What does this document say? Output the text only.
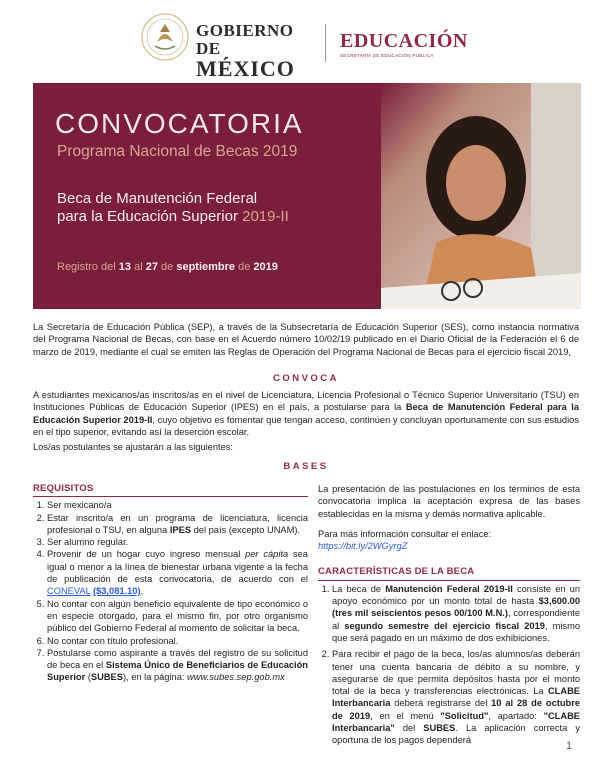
GOBIERNO DE
MÉXICO
EDUCACIÓN
SECRETARÍA DE EDUCACIÓN PÚBLICA
CONVOCATORIA
Programa Nacional de Becas 2019
Beca de Manutención Federal
para la Educación Superior 2019-II
Registro del 13 al 27 de septiembre de 2019
La Secretaría de Educación Pública (SEP), a través de la Subsecretaría de Educación Superior (SES), como instancia normativa del Programa Nacional de Becas, con base en el Acuerdo número 10/02/19 publicado en el Diario Oficial de la Federación el 6 de marzo de 2019, mediante el cual se emiten las Reglas de Operación del Programa Nacional de Becas para el ejercicio fiscal 2019,
CONVOCA
A estudiantes mexicanos/as inscritos/as en el nivel de Licenciatura, Licencia Profesional o Técnico Superior Universitario (TSU) en Instituciones Públicas de Educación Superior (IPES) en el país, a postularse para la Beca de Manutención Federal para la Educación Superior 2019-II, cuyo objetivo es fomentar que tengan acceso, continúen y concluyan oportunamente con sus estudios en el tipo superior, evitando así la deserción escolar.
Los/as postulantes se ajustarán a las siguientes:
BASES
REQUISITOS
1. Ser mexicano/a
2. Estar inscrito/a en un programa de licenciatura, licencia profesional o TSU, en alguna IPES del país (excepto UNAM).
3. Ser alumno regular.
4. Provenir de un hogar cuyo ingreso mensual per cápita sea igual o menor a la línea de bienestar urbana vigente a la fecha de publicación de esta convocatoria, de acuerdo con el CONEVAL ($3,081.10).
5. No contar con algún beneficio equivalente de tipo económico o en especie otorgado, para el mismo fin, por otro organismo público del Gobierno Federal al momento de solicitar la beca.
6. No contar con título profesional.
7. Postularse como aspirante a través del registro de su solicitud de beca en el Sistema Único de Beneficiarios de Educación Superior (SUBES), en la página: www.subes.sep.gob.mx
La presentación de las postulaciones en los términos de esta convocatoria implica la aceptación expresa de las bases establecidas en la misma y demás normativa aplicable.
Para más información consultar el enlace:
https://bit.ly/2WGyrgZ
CARACTERÍSTICAS DE LA BECA
1. La beca de Manutención Federal 2019-II consiste en un apoyo económico por un monto total de hasta $3,600.00 (tres mil seiscientos pesos 00/100 M.N.), correspondiente al segundo semestre del ejercicio fiscal 2019, mismo que será pagado en un máximo de dos exhibiciones.
2. Para recibir el pago de la beca, los/as alumnos/as deberán tener una cuenta bancaria de débito a su nombre, y asegurarse de que permita depósitos hasta por el monto total de la beca y transferencias electrónicas. La CLABE Interbancaria deberá registrarse del 10 al 28 de octubre de 2019, en el menú "Solicitud", apartado: "CLABE Interbancaria" del SUBES. La aplicación correcta y oportuna de los pagos dependerá	1
